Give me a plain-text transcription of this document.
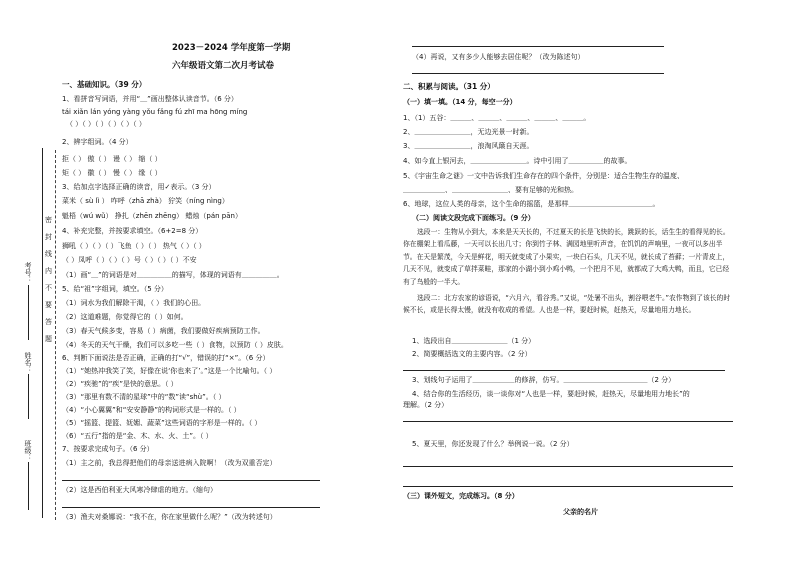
密封线内不要答题
考号：
姓名：
班级：
2023－2024 学年度第一学期
六年级语文第二次月考试卷
一、基础知识。（39 分）
1、看拼音写词语，并用“＿”画出整体认读音节。（6 分）
tái xiǎn lán yóng yàng yǒu fǎng fú zhī ma hōng míng
（ ）（ ）（ ）（ ）（ ）（ ）
2、辨字组词。（4 分）
拒（ ） 傲（ ） 谩（ ） 缩（ ）
矩（ ） 徽（ ） 慢（ ） 缘（ ）
3、给加点字选择正确的读音，用✓表示。（3 分）
菜米（ sù lì ） 咋呼（zhā zhà） 狞笑（níng nìng）
魁梧（wú wǔ） 挣扎（zhēn zhēng） 蜡烛（pán pān）
4、补充完整，并按要求填空。（6+2=8 分）
狮吼（ ）（ ）（ ）飞鱼（ ）（ ） 热气（ ）（ ）
（ ）凤呼（ ）（ ）（ ）号（ ）（ ）（ ）不安
（1）画“＿”的词语是对＿＿＿＿＿的描写，体现的词语有＿＿＿＿＿。
5、给“祖”字组词，填空。（5 分）
（1）词水为我们解除干渴，（ ）我们的心田。
（2）这道难题，你觉得它的（ ）如何。
（3）春天气候多变，容易（ ）病菌，我们要做好疾病预防工作。
（4）冬天的天气干燥，我们可以多吃一些（ ）食物，以预防（ ）皮肤。
6、判断下面说法是否正确，正确的打“√”，错误的打“×”。（6 分）
（1）“她热冲我笑了笑，好像在说‘你也来了’。”这是一个比喻句。（ ）
（2）“疾驰”的“疾”是快的意思。（ ）
（3）“那里有数不清的星球”中的“数”读“shù”。（ ）
（4）“小心翼翼”和“安安静静”的构词形式是一样的。（ ）
（5）“摇篮、提篮、妩媚、蔬菜”这些词语的字形是一样的。（ ）
（6）“五行”指的是“金、木、水、火、土”。（ ）
7、按要求完成句子。（6 分）
（1）主之前，我总得把他们的母亲送进病入院啊！（改为双重否定）
（2）这是西伯利亚大风寒冷肆虐的地方。（缩句）
（3）渔夫对桑娜说：“我不在，你在家里做什么呢？”（改为转述句）
（4）再说，又有多少人能够去居住呢？（改为陈述句）
二、积累与阅读。（31 分）
（一）填一填。（14 分，每空一分）
1、（1）五谷：＿＿＿、＿＿＿、＿＿＿、＿＿＿、＿＿＿。
2、＿＿＿＿＿＿＿＿，无边光景一时新。
3、＿＿＿＿＿＿＿＿，浪淘风簸自天涯。
4、如今直上银河去，＿＿＿＿＿＿＿＿。诗中引用了＿＿＿＿＿的故事。
5、《宇宙生命之谜》一文中告诉我们生命存在的四个条件，分别是：适合生物生存的温度、
＿＿＿＿＿＿、＿＿＿＿＿＿＿＿、要有足够的光和热。
6、地球，这位人类的母亲，这个生命的摇篮，是那样＿＿＿＿＿＿＿＿＿＿＿＿。
（二）阅读文段完成下面练习。（9 分）
选段一：生物从小到大，本来是天天长的，不过夏天的长是飞快的长，跳跃的长，话生生的看得见的长。你在棚架上看瓜藤，一天可以长出几寸；你到竹子林、满园地里听声音，在饥饥的声响里，一夜可以多出半节。在天是繁茂，今天是鲜花，明天就变成了小果实，一块白石头，几天不见，就长成了苔藓；一片青皮上，几天不见，就变成了草拌菜畦，那家的小湖小到小鸡小鸭，一个把月不见，就都成了大鸡大鸭，而且，它已经有了鸟般的一半大。
选段二：北方农家的谚语说，“六月六，看谷秀。”又说，“处暑不出头，割谷喂老牛。”农作物到了该长的时候不长，或是长得太慢，就没有收成的希望。人也是一样，要赶时候，赶热天，尽量地用力地长。
1、选段出自＿＿＿＿＿＿＿＿（1 分）
2、简要概括选文的主要内容。（2 分）
3、划线句子运用了＿＿＿＿＿＿的修辞，仿写。＿＿＿＿＿＿＿＿＿＿＿＿（2 分）
4、结合你的生活经历，谈一谈你对“人也是一样，要赶时候，赶热天，尽量地用力地长”的
理解。（2 分）
5、夏天里，你还发现了什么？举例说一说。（2 分）
（三）课外短文，完成练习。（8 分）
父亲的名片
